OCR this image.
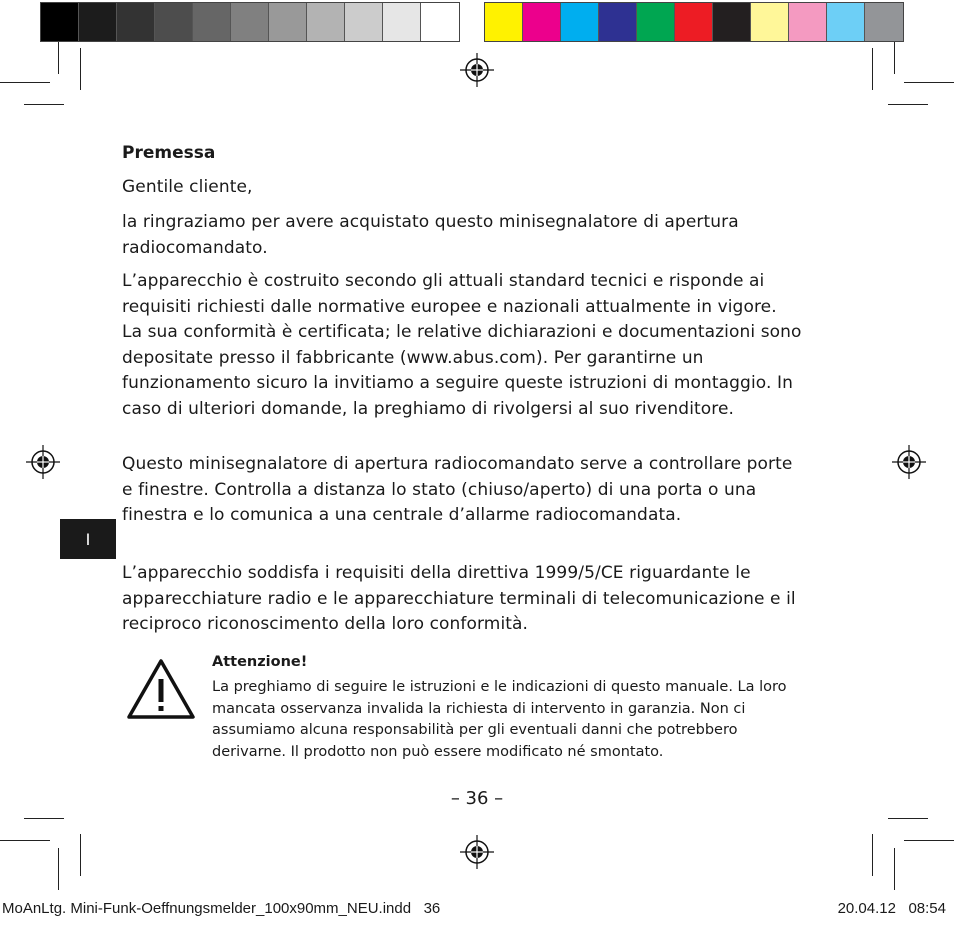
Premessa

Gentile cliente,

la ringraziamo per avere acquistato questo minisegnalatore di apertura radiocomandato.

L’apparecchio è costruito secondo gli attuali standard tecnici e risponde ai requisiti richiesti dalle normative europee e nazionali attualmente in vigore. La sua conformità è certificata; le relative dichiarazioni e documentazioni sono depositate presso il fabbricante (www.abus.com). Per garantirne un funzionamento sicuro la invitiamo a seguire queste istruzioni di montaggio. In caso di ulteriori domande, la preghiamo di rivolgersi al suo rivenditore.

Questo minisegnalatore di apertura radiocomandato serve a controllare porte e finestre. Controlla a distanza lo stato (chiuso/aperto) di una porta o una finestra e lo comunica a una centrale d’allarme radiocomandata.

L’apparecchio soddisfa i requisiti della direttiva 1999/5/CE riguardante le apparecchiature radio e le apparecchiature terminali di telecomunicazione e il reciproco riconoscimento della loro conformità.

I
Attenzione!

La preghiamo di seguire le istruzioni e le indicazioni di questo manuale. La loro mancata osservanza invalida la richiesta di intervento in garanzia. Non ci assumiamo alcuna responsabilità per gli eventuali danni che potrebbero derivarne. Il prodotto non può essere modificato né smontato.

– 36 –
MoAnLtg. Mini-Funk-Oeffnungsmelder_100x90mm_NEU.indd   36	20.04.12   08:54
